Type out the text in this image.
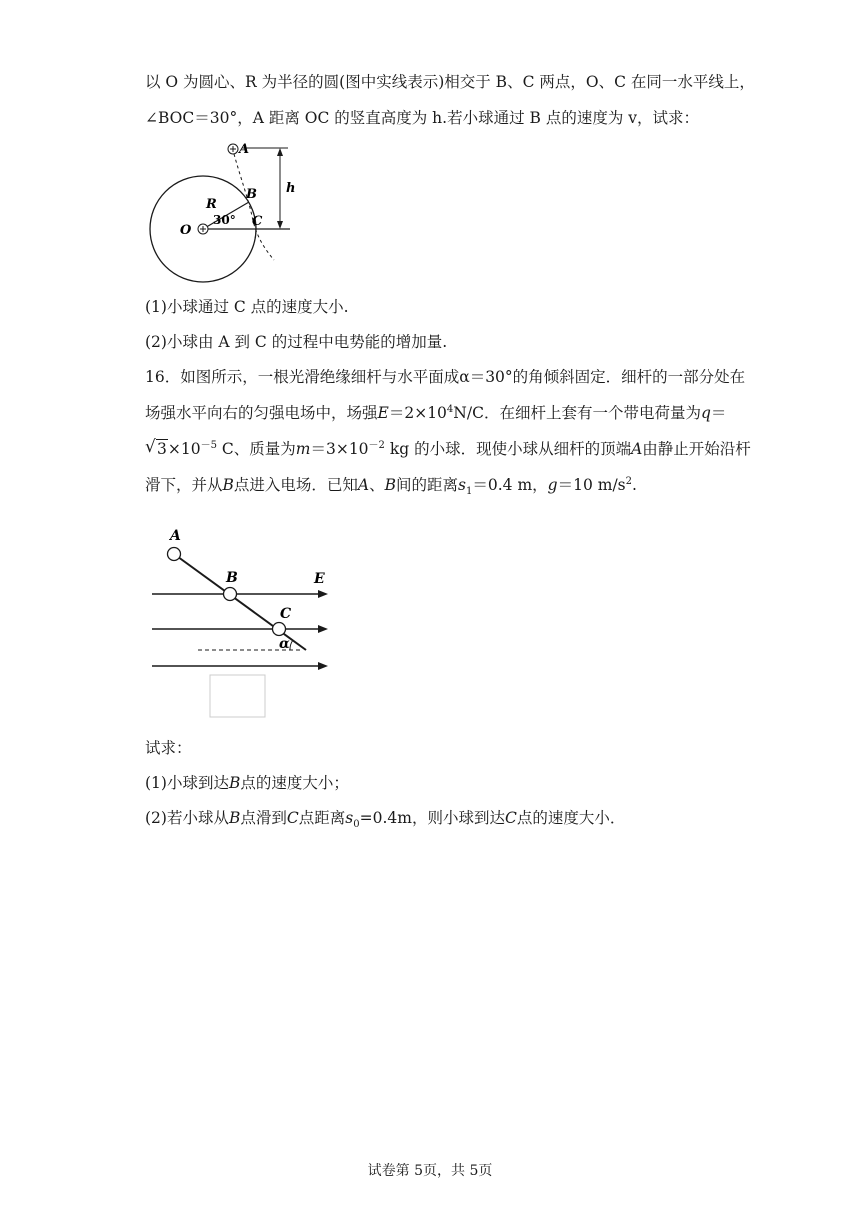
以 O 为圆心、R 为半径的圆(图中实线表示)相交于 B、C 两点，O、C 在同一水平线上，
∠BOC＝30°，A 距离 OC 的竖直高度为 h.若小球通过 B 点的速度为 v，试求：
A
B
C
O
R
h
30°
(1)小球通过 C 点的速度大小.
(2)小球由 A 到 C 的过程中电势能的增加量.
16．如图所示，一根光滑绝缘细杆与水平面成α＝30°的角倾斜固定．细杆的一部分处在
场强水平向右的匀强电场中，场强$E=2\times 10^4N/C$．在细杆上套有一个带电荷量为q＝
√ $3\times 10^{-5}$ C、质量为$m=3\times 10^{-2}$ kg 的小球．现使小球从细杆的顶端A由静止开始沿杆
滑下，并从B点进入电场．已知A、B间的距离$s_1=0.4$ m，g＝10 $m/s^2$.
A
B
C
E
α
试求：
(1)小球到达B点的速度大小；
(2)若小球从B点滑到C点距离$s_0=0.4m$，则小球到达C点的速度大小．
试卷第 5页，共 5页
